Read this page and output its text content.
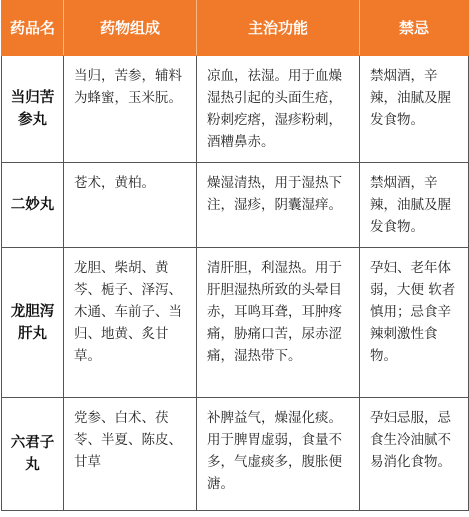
药品名	药物组成	主治功能	禁忌
当归苦参丸	当归，苦参，辅料为蜂蜜，玉米朊。	凉血，祛湿。用于血燥湿热引起的头面生疮，粉刺疙瘩，湿疹粉刺，酒糟鼻赤。	禁烟酒，辛辣，油腻及腥发食物。
二妙丸	苍术，黄柏。	燥湿清热，用于湿热下注，湿疹，阴囊湿痒。	禁烟酒，辛辣，油腻及腥发食物。
龙胆泻肝丸	龙胆、柴胡、黄芩、栀子、泽泻、木通、车前子、当归、地黄、炙甘草。	清肝胆，利湿热。用于肝胆湿热所致的头晕目赤，耳鸣耳聋，耳肿疼痛，胁痛口苦，尿赤涩痛，湿热带下。	孕妇、老年体弱，大便 软者慎用；忌食辛辣刺激性食物。
六君子丸	党参、白术、茯苓、半夏、陈皮、甘草	补脾益气，燥湿化痰。用于脾胃虚弱，食量不多，气虚痰多，腹胀便溏。	孕妇忌服，忌食生冷油腻不易消化食物。
